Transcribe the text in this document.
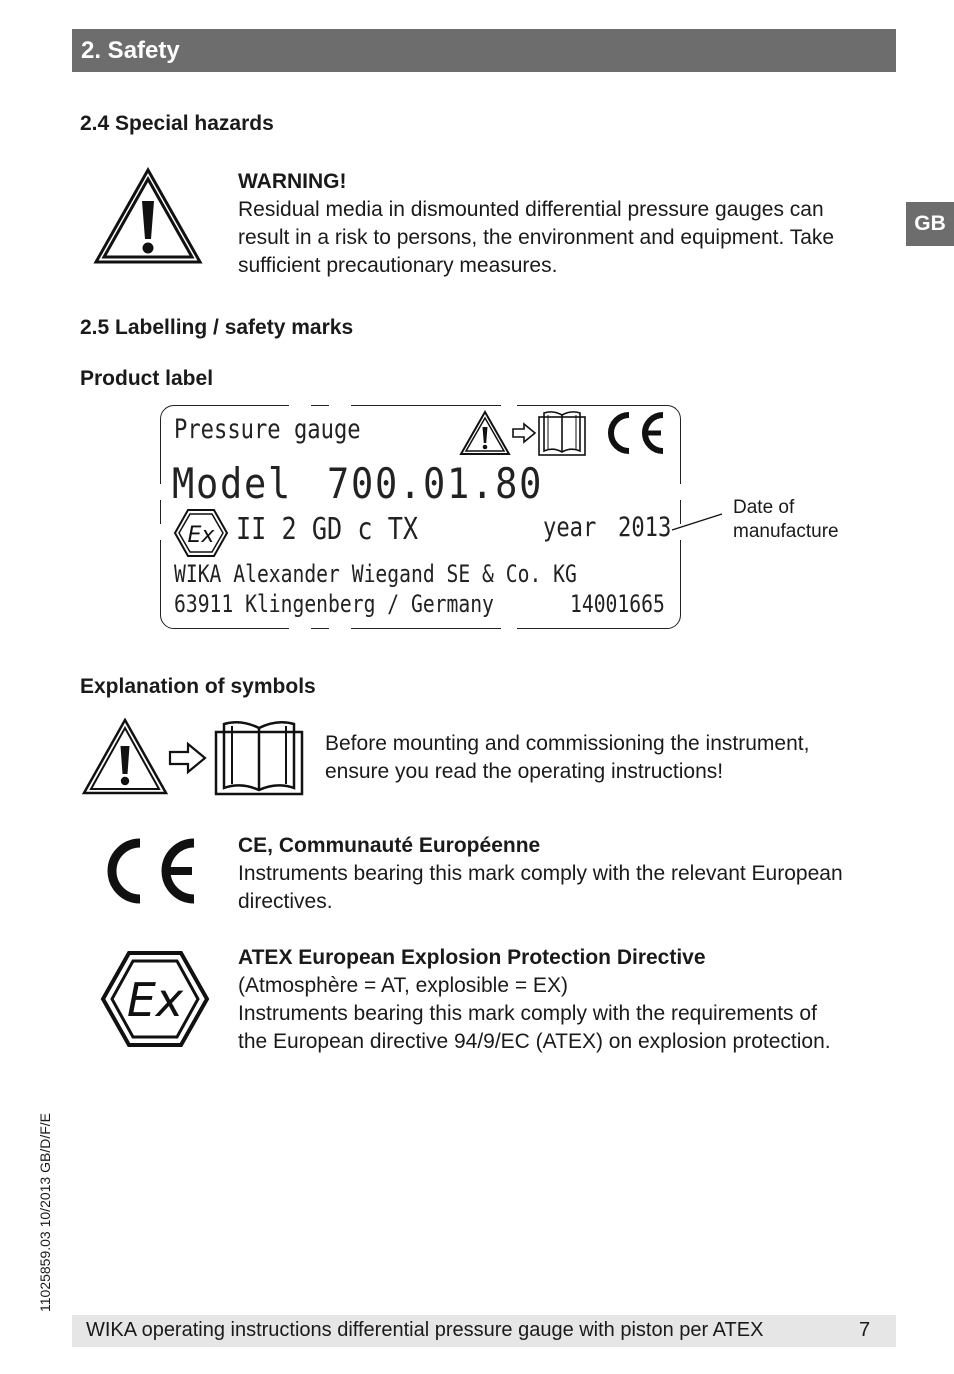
2. Safety
GB
2.4 Special hazards
WARNING!
Residual media in dismounted differential pressure gauges can
result in a risk to persons, the environment and equipment. Take
sufficient precautionary measures.
2.5 Labelling / safety marks
Product label
Pressure gauge
Model 700.01.80
Ex II 2 GD c TX	year 2013
WIKA Alexander Wiegand SE & Co. KG
63911 Klingenberg / Germany	14001665
Date of
manufacture
Explanation of symbols
Before mounting and commissioning the instrument,
ensure you read the operating instructions!
CE, Communauté Européenne
Instruments bearing this mark comply with the relevant European
directives.
Ex
ATEX European Explosion Protection Directive
(Atmosphère = AT, explosible = EX)
Instruments bearing this mark comply with the requirements of
the European directive 94/9/EC (ATEX) on explosion protection.
11025859.03 10/2013 GB/D/F/E
WIKA operating instructions differential pressure gauge with piston per ATEX	7
